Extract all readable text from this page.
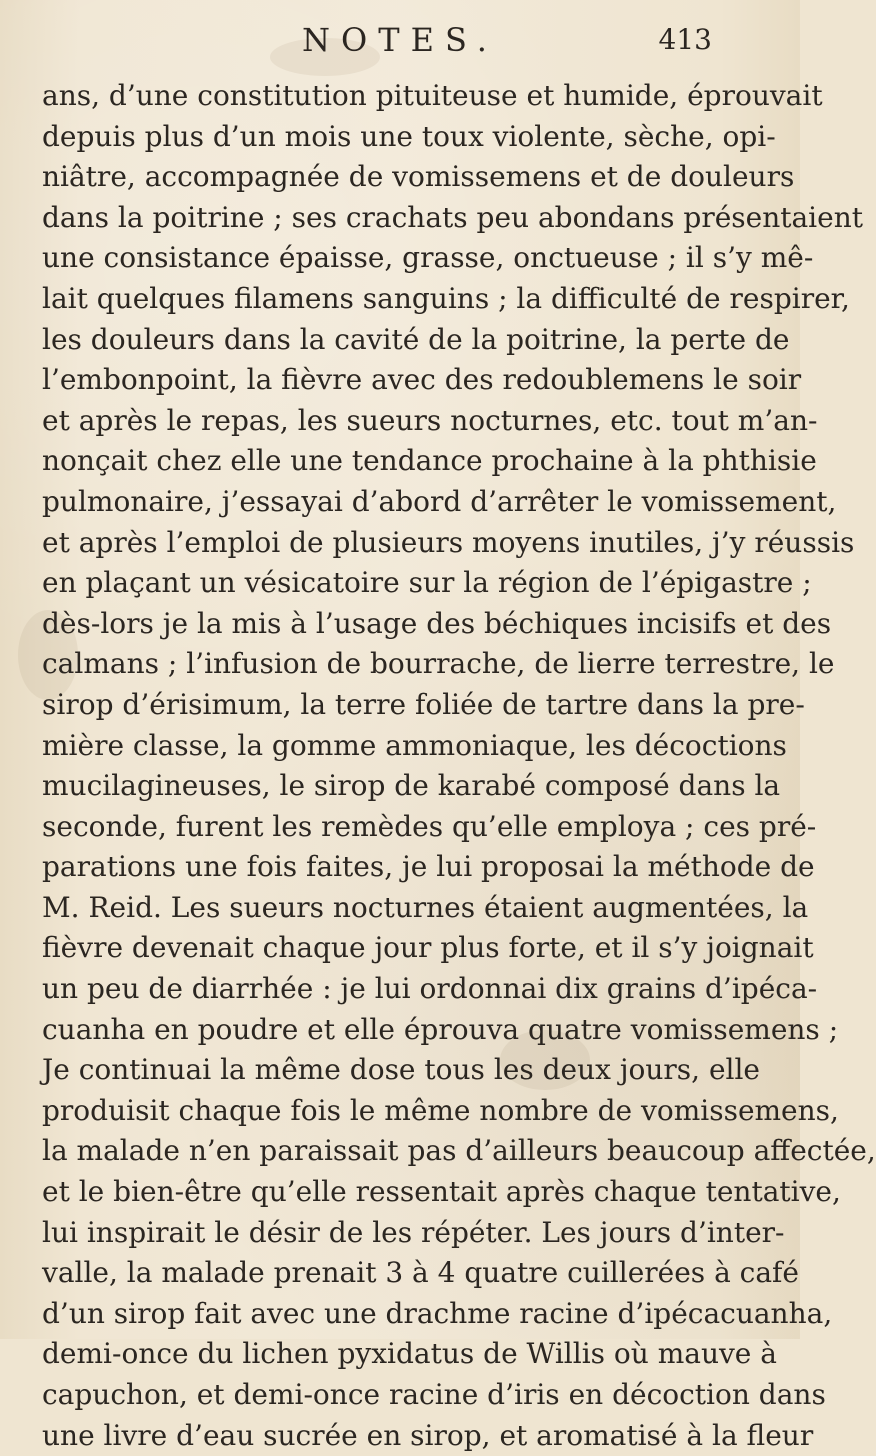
NOTES.	413
ans, d’une constitution pituiteuse et humide, éprouvait
depuis plus d’un mois une toux violente, sèche, opi-
niâtre, accompagnée de vomissemens et de douleurs
dans la poitrine ; ses crachats peu abondans présentaient
une consistance épaisse, grasse, onctueuse ; il s’y mê-
lait quelques filamens sanguins ; la difficulté de respirer,
les douleurs dans la cavité de la poitrine, la perte de
l’embonpoint, la fièvre avec des redoublemens le soir
et après le repas, les sueurs nocturnes, etc. tout m’an-
nonçait chez elle une tendance prochaine à la phthisie
pulmonaire, j’essayai d’abord d’arrêter le vomissement,
et après l’emploi de plusieurs moyens inutiles, j’y réussis
en plaçant un vésicatoire sur la région de l’épigastre ;
dès-lors je la mis à l’usage des béchiques incisifs et des
calmans ; l’infusion de bourrache, de lierre terrestre, le
sirop d’érisimum, la terre foliée de tartre dans la pre-
mière classe, la gomme ammoniaque, les décoctions
mucilagineuses, le sirop de karabé composé dans la
seconde, furent les remèdes qu’elle employa ; ces pré-
parations une fois faites, je lui proposai la méthode de
M. Reid. Les sueurs nocturnes étaient augmentées, la
fièvre devenait chaque jour plus forte, et il s’y joignait
un peu de diarrhée : je lui ordonnai dix grains d’ipéca-
cuanha en poudre et elle éprouva quatre vomissemens ;
Je continuai la même dose tous les deux jours, elle
produisit chaque fois le même nombre de vomissemens,
la malade n’en paraissait pas d’ailleurs beaucoup affectée,
et le bien-être qu’elle ressentait après chaque tentative,
lui inspirait le désir de les répéter. Les jours d’inter-
valle, la malade prenait 3 à 4 quatre cuillerées à café
d’un sirop fait avec une drachme racine d’ipécacuanha,
demi-once du lichen pyxidatus de Willis où mauve à
capuchon, et demi-once racine d’iris en décoction dans
une livre d’eau sucrée en sirop, et aromatisé à la fleur
